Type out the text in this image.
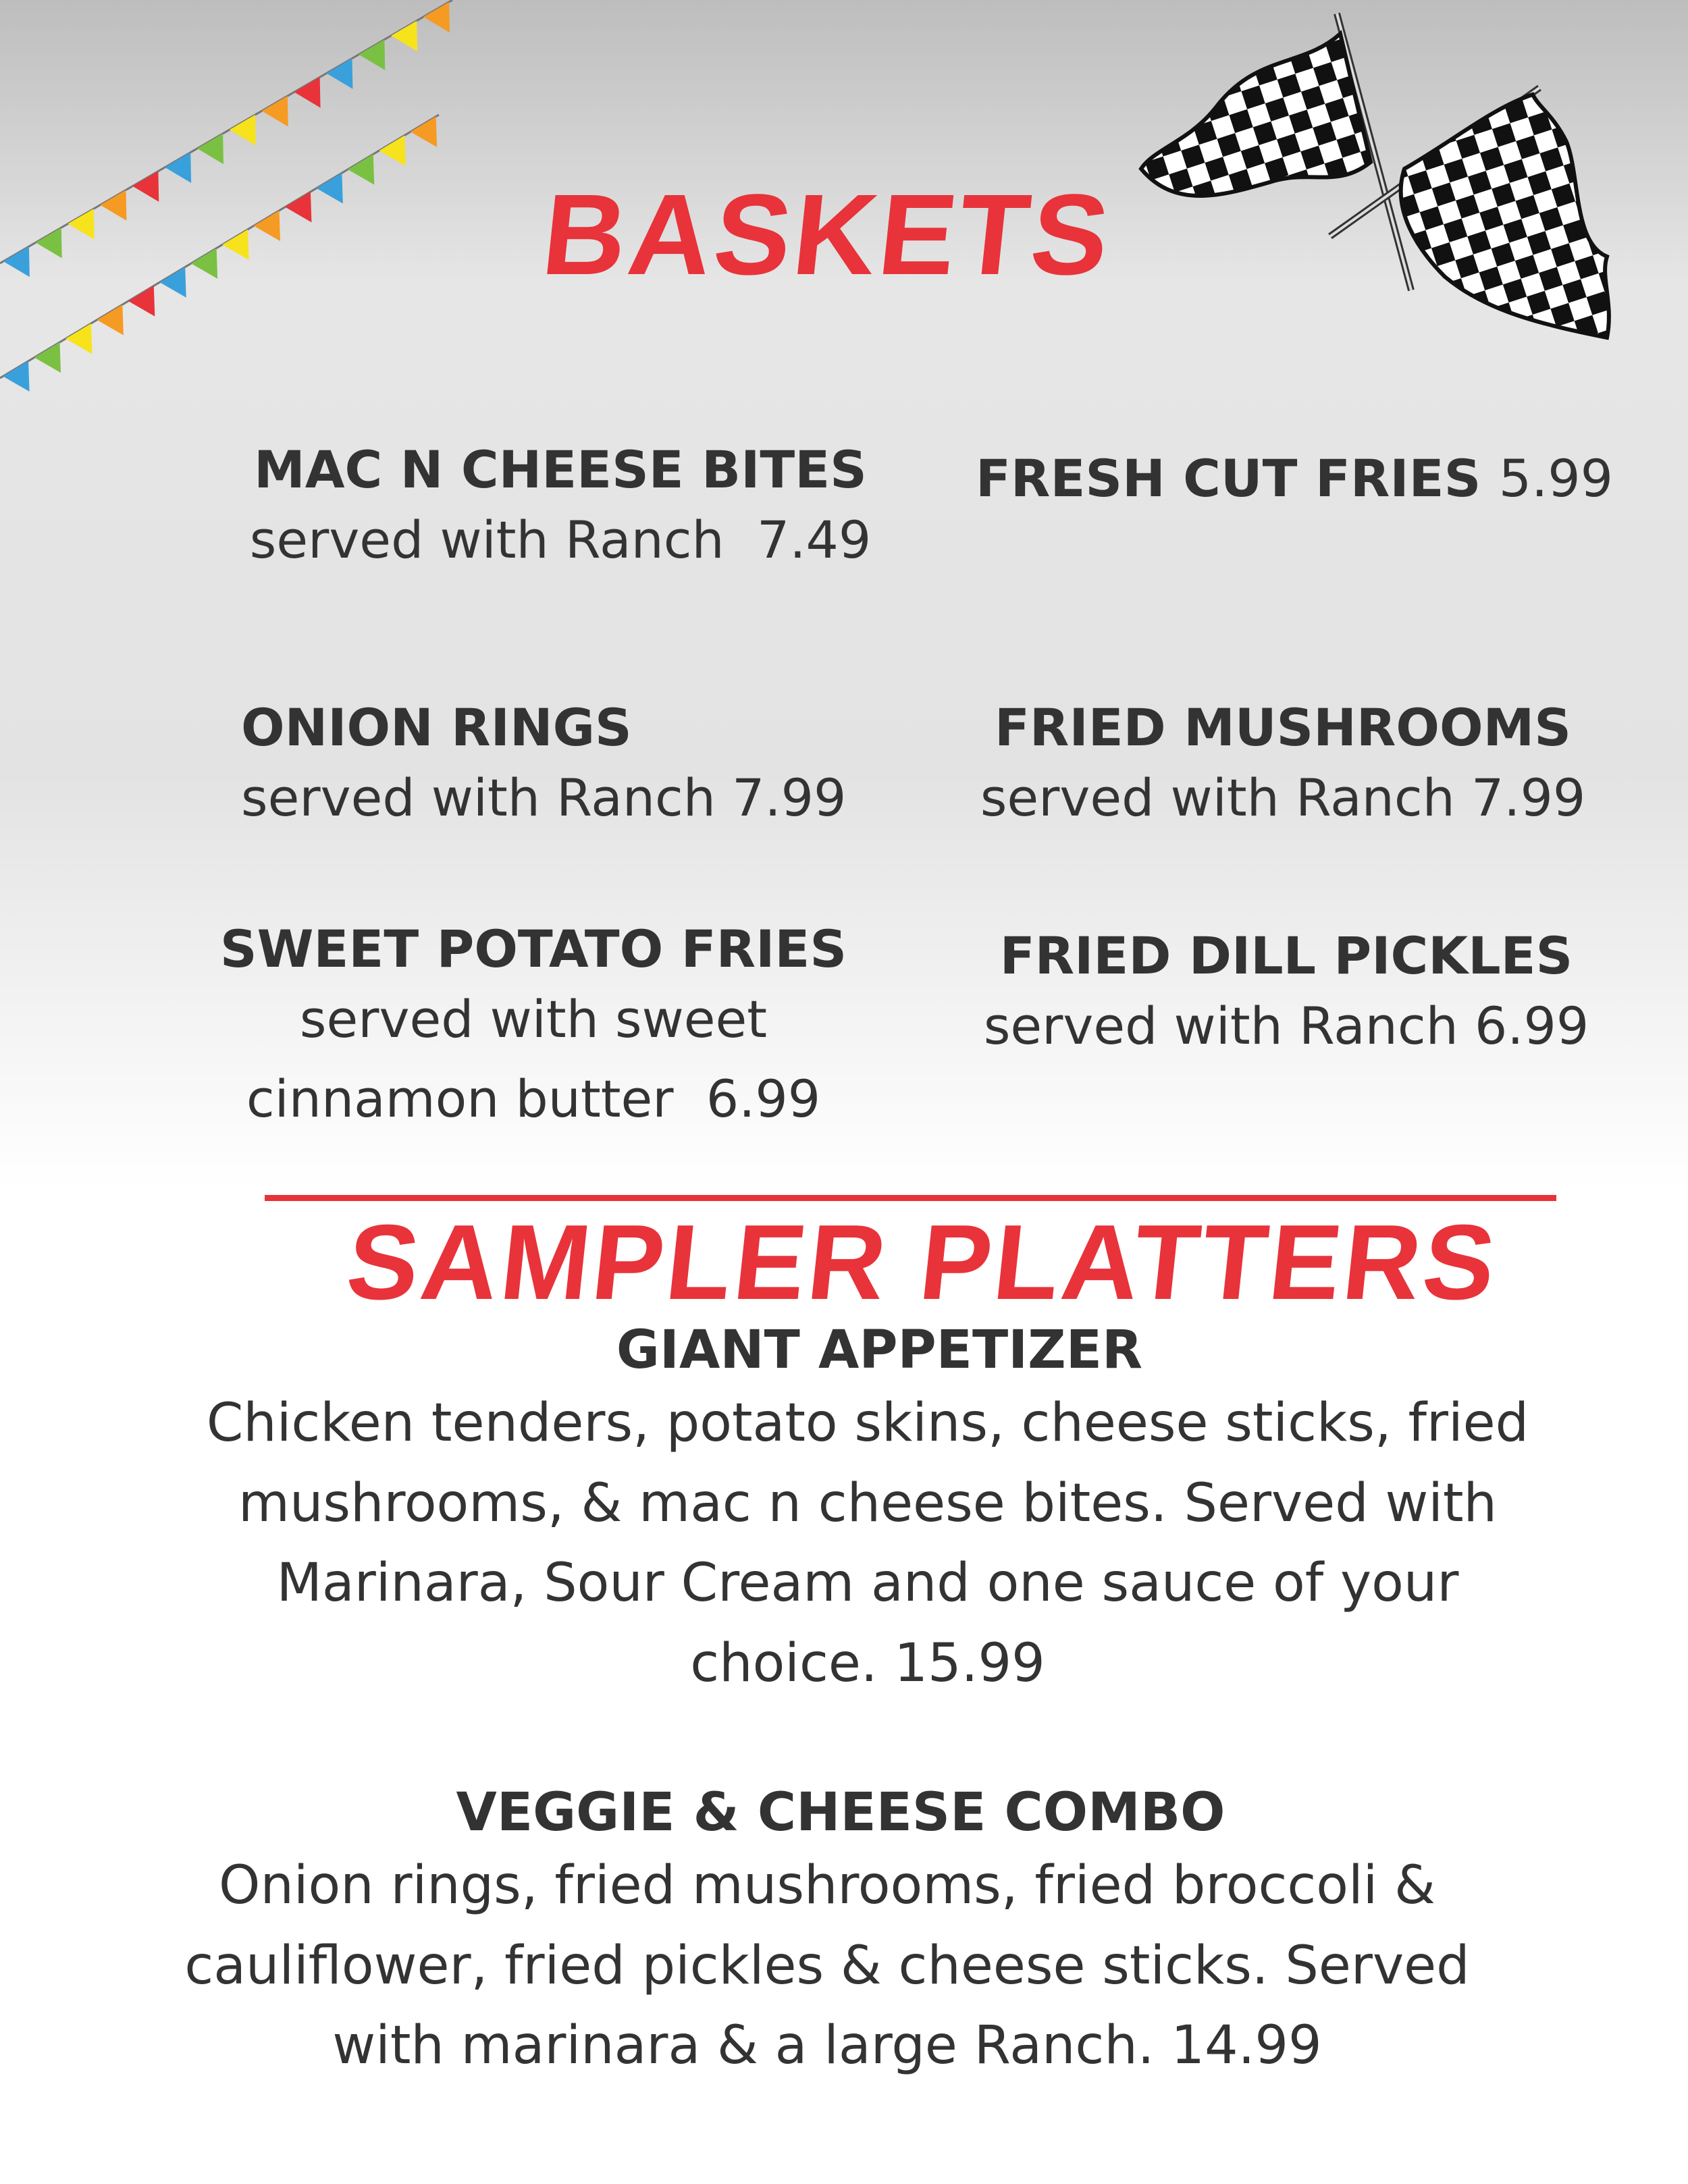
BASKETS
MAC N CHEESE BITES
served with Ranch 7.49
FRESH CUT FRIES 5.99
ONION RINGS
served with Ranch 7.99
FRIED MUSHROOMS
served with Ranch 7.99
SWEET POTATO FRIES
served with sweet
cinnamon butter 6.99
FRIED DILL PICKLES
served with Ranch 6.99
SAMPLER PLATTERS
GIANT APPETIZER
Chicken tenders, potato skins, cheese sticks, fried
mushrooms, & mac n cheese bites. Served with
Marinara, Sour Cream and one sauce of your
choice. 15.99
VEGGIE & CHEESE COMBO
Onion rings, fried mushrooms, fried broccoli &
cauliflower, fried pickles & cheese sticks. Served
with marinara & a large Ranch. 14.99
